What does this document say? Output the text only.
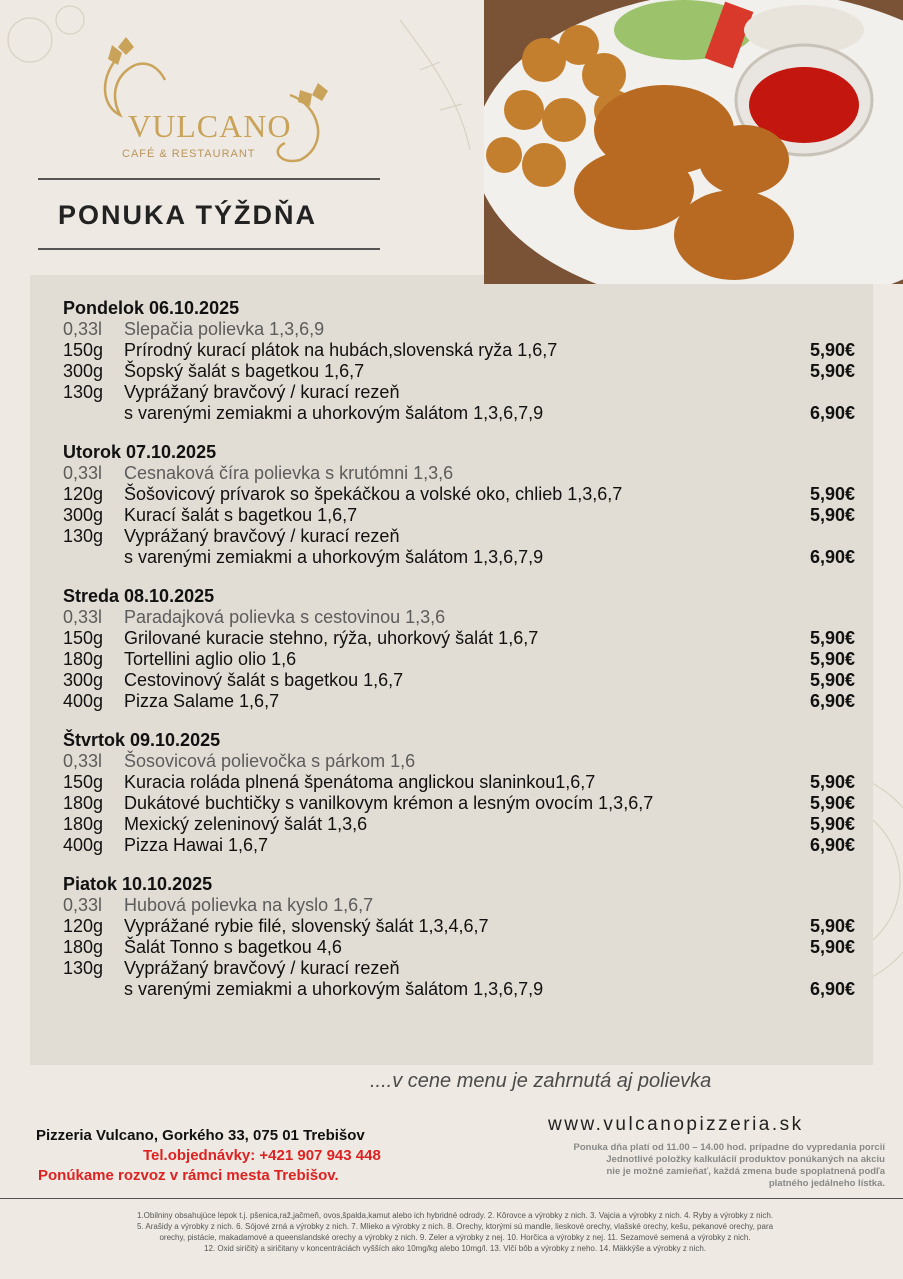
VULCANO
CAFÉ & RESTAURANT
PONUKA TÝŽDŇA
Pondelok 06.10.2025
0,33l Slepačia polievka 1,3,6,9
150g Prírodný kurací plátok na hubách,slovenská ryža 1,6,7	5,90€
300g Šopský šalát s bagetkou 1,6,7	5,90€
130g Vyprážaný bravčový / kurací rezeň
s varenými zemiakmi a uhorkovým šalátom 1,3,6,7,9	6,90€
Utorok 07.10.2025
0,33l Cesnaková číra polievka s krutómni 1,3,6
120g Šošovicový prívarok so špekáčkou a volské oko, chlieb 1,3,6,7	5,90€
300g Kurací šalát s bagetkou 1,6,7	5,90€
130g Vyprážaný bravčový / kurací rezeň
s varenými zemiakmi a uhorkovým šalátom 1,3,6,7,9	6,90€
Streda 08.10.2025
0,33l Paradajková polievka s cestovinou 1,3,6
150g Grilované kuracie stehno, rýža, uhorkový šalát 1,6,7	5,90€
180g Tortellini aglio olio 1,6	5,90€
300g Cestovinový šalát s bagetkou 1,6,7	5,90€
400g Pizza Salame 1,6,7	6,90€
Štvrtok 09.10.2025
0,33l Šosovicová polievočka s párkom 1,6
150g Kuracia roláda plnená špenátoma anglickou slaninkou1,6,7	5,90€
180g Dukátové buchtičky s vanilkovym krémon a lesným ovocím 1,3,6,7	5,90€
180g Mexický zeleninový šalát 1,3,6	5,90€
400g Pizza Hawai 1,6,7	6,90€
Piatok 10.10.2025
0,33l Hubová polievka na kyslo 1,6,7
120g Vyprážané rybie filé, slovenský šalát 1,3,4,6,7	5,90€
180g Šalát Tonno s bagetkou 4,6	5,90€
130g Vyprážaný bravčový / kurací rezeň
s varenými zemiakmi a uhorkovým šalátom 1,3,6,7,9	6,90€
....v cene menu je zahrnutá aj polievka
Pizzeria Vulcano, Gorkého 33, 075 01 Trebišov
Tel.objednávky: +421 907 943 448
Ponúkame rozvoz v rámci mesta Trebišov.
www.vulcanopizzeria.sk
Ponuka dňa platí od 11.00 – 14.00 hod. prípadne do vypredania porcií
Jednotlivé položky kalkulácií produktov ponúkaných na akciu
nie je možné zamieňať, každá zmena bude spoplatnená podľa
platného jedálneho lístka.
1.Obilniny obsahujúce lepok t.j. pšenica,raž,jačmeň, ovos,špalda,kamut alebo ich hybridné odrody. 2. Kôrovce a výrobky z nich. 3. Vajcia a výrobky z nich. 4. Ryby a výrobky z nich.
5. Arašidy a výrobky z nich. 6. Sójové zrná a výrobky z nich. 7. Mlieko a výrobky z nich. 8. Orechy, ktorými sú mandle, lieskové orechy, vlašské orechy, kešu, pekanové orechy, para
orechy, pistácie, makadamové a queenslandské orechy a výrobky z nich. 9. Zeler a výrobky z nej. 10. Horčica a výrobky z nej. 11. Sezamové semená a výrobky z nich.
12. Oxid siričitý a siričitany v koncentráciách vyšších ako 10mg/kg alebo 10mg/l. 13. Vlčí bôb a výrobky z neho. 14. Mäkkýše a výrobky z nich.
